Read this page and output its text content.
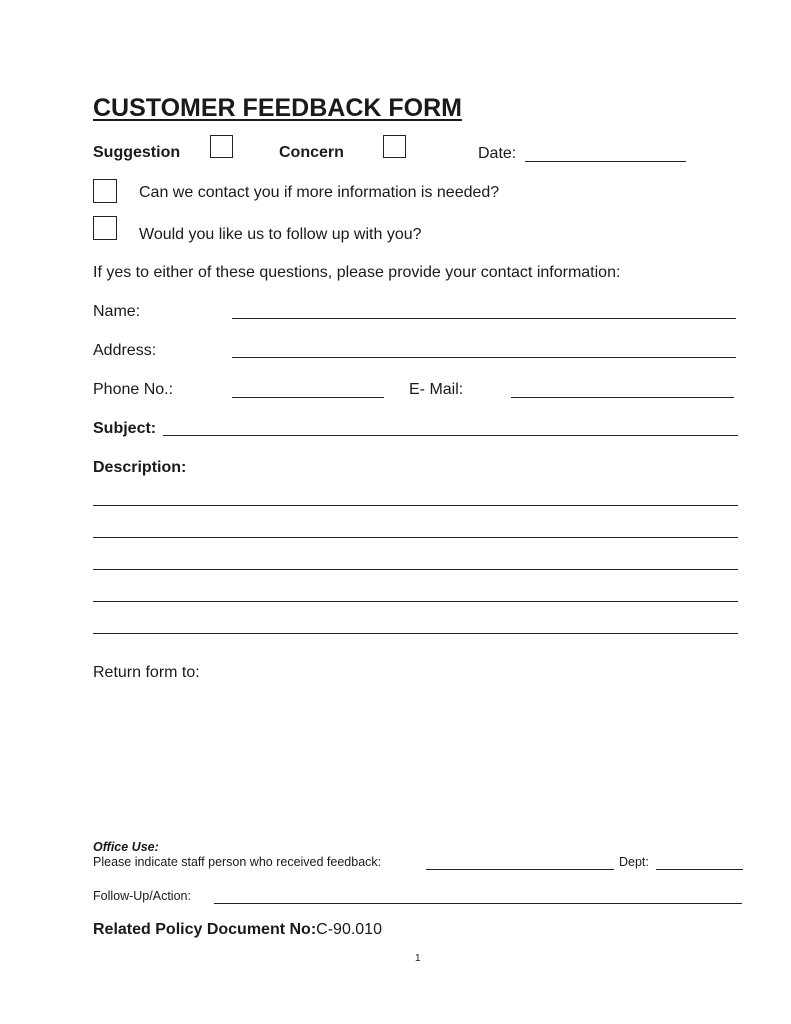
CUSTOMER FEEDBACK FORM
Suggestion	Concern	Date:
Can we contact you if more information is needed?
Would you like us to follow up with you?
If yes to either of these questions, please provide your contact information:
Name:
Address:
Phone No.:	E- Mail:
Subject:
Description:
Return form to:
Office Use:
Please indicate staff person who received feedback:	Dept:
Follow-Up/Action:
Related Policy Document No:C-90.010
1
